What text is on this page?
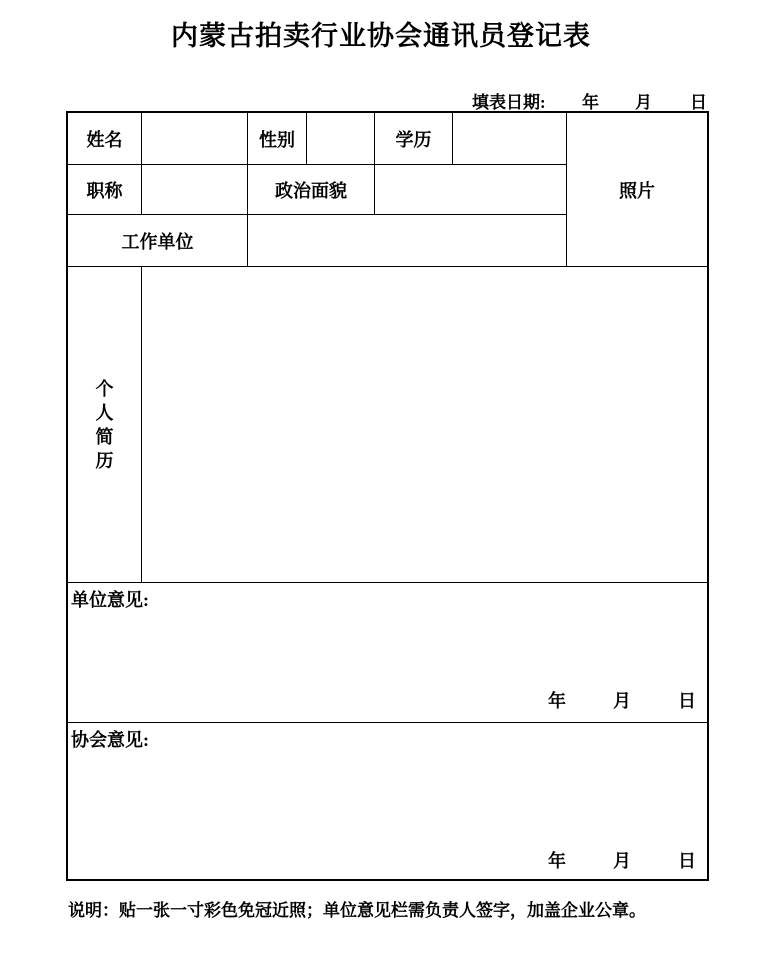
内蒙古拍卖行业协会通讯员登记表
填表日期: 年 月 日
姓名	性别	学历
照片
职称	政治面貌
工作单位
个人简历
单位意见:
年	月	日
协会意见:
年	月	日
说明：贴一张一寸彩色免冠近照；单位意见栏需负责人签字，加盖企业公章。
